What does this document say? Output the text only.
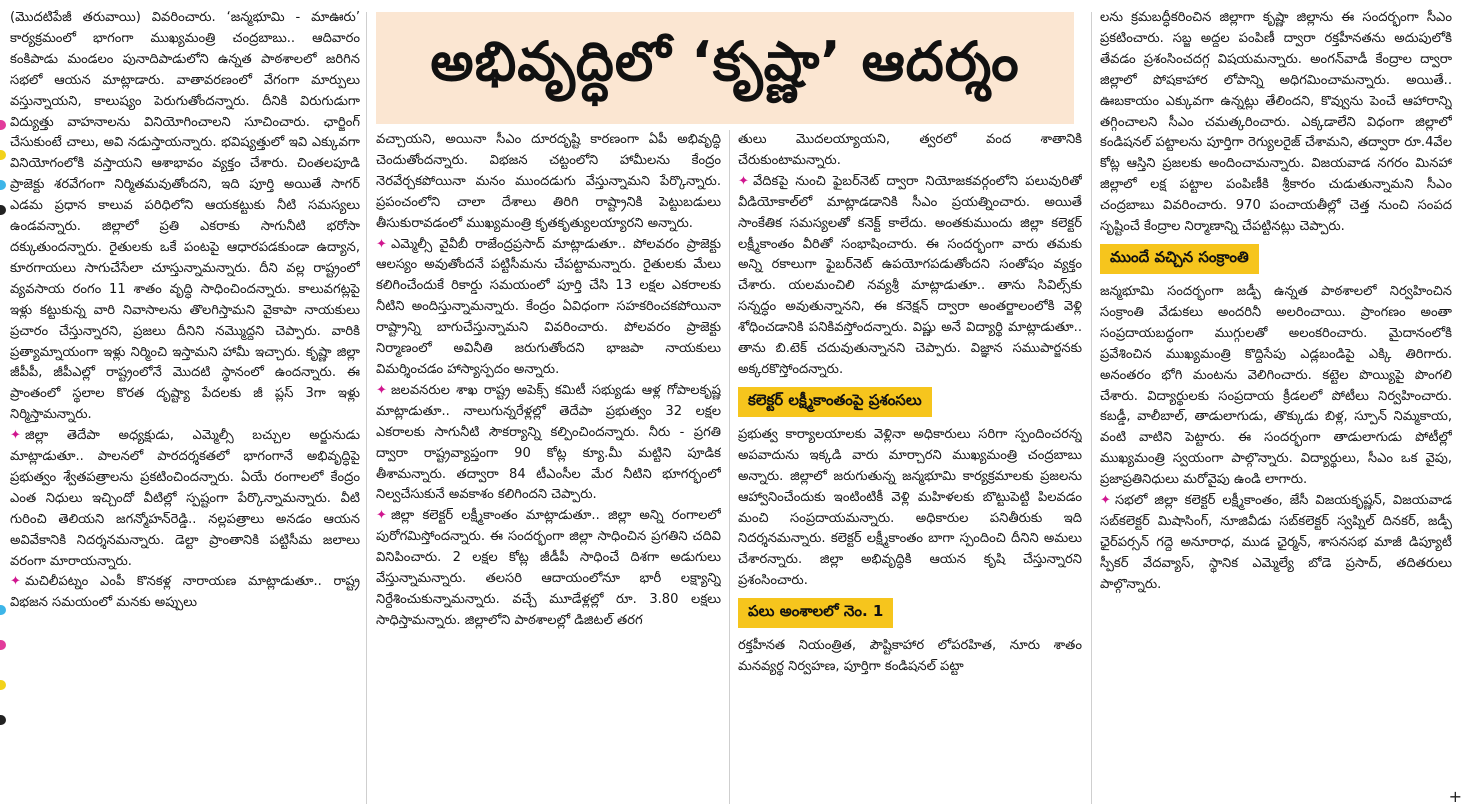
అభివృద్ధిలో ‘కృష్ణా’ ఆదర్శం

(మొదటిపేజీ తరువాయి) వివరించారు. ‘జన్మభూమి - మాఊరు’ కార్యక్రమంలో భాగంగా ముఖ్యమంత్రి చంద్రబాబు.. ఆదివారం కంకిపాడు మండలం పునాదిపాడులోని ఉన్నత పాఠశాలలో జరిగిన సభలో ఆయన మాట్లాడారు. వాతావరణంలో వేగంగా మార్పులు వస్తున్నాయని, కాలుష్యం పెరుగుతోందన్నారు. దీనికి విరుగుడుగా విద్యుత్తు వాహనాలను వినియోగించాలని సూచించారు. ఛార్జింగ్ చేసుకుంటే చాలు, అవి నడుస్తాయన్నారు. భవిష్యత్తులో ఇవి ఎక్కువగా వినియోగంలోకి వస్తాయని ఆశాభావం వ్యక్తం చేశారు. చింతలపూడి ప్రాజెక్టు శరవేగంగా నిర్మితమవుతోందని, ఇది పూర్తి అయితే సాగర్ ఎడమ ప్రధాన కాలువ పరిధిలోని ఆయకట్టుకు నీటి సమస్యలు ఉండవన్నారు. జిల్లాలో ప్రతి ఎకరాకు సాగునీటి భరోసా దక్కుతుందన్నారు. రైతులకు ఒకే పంటపై ఆధారపడకుండా ఉద్యాన, కూరగాయలు సాగుచేసేలా చూస్తున్నామన్నారు. దీని వల్ల రాష్ట్రంలో వ్యవసాయ రంగం 11 శాతం వృద్ధి సాధించిందన్నారు. కాలువగట్లపై ఇళ్లు కట్టుకున్న వారి నివాసాలను తొలగిస్తామని వైకాపా నాయకులు ప్రచారం చేస్తున్నారని, ప్రజలు దీనిని నమ్మొద్దని చెప్పారు. వారికి ప్రత్యామ్నాయంగా ఇళ్లు నిర్మించి ఇస్తామని హామీ ఇచ్చారు. కృష్ణా జిల్లా జీపీపీ, జీపీఎల్లో రాష్ట్రంలోనే మొదటి స్థానంలో ఉందన్నారు. ఈ ప్రాంతంలో స్థలాల కొరత దృష్ట్యా పేదలకు జీ ప్లస్ 3గా ఇళ్లు నిర్మిస్తామన్నారు.

✦ జిల్లా తెదేపా అధ్యక్షుడు, ఎమ్మెల్సీ బచ్చుల అర్జునుడు మాట్లాడుతూ.. పాలనలో పారదర్శకతలో భాగంగానే అభివృద్ధిపై ప్రభుత్వం శ్వేతపత్రాలను ప్రకటించిందన్నారు. ఏయే రంగాలలో కేంద్రం ఎంత నిధులు ఇచ్చిందో వీటిల్లో స్పష్టంగా పేర్కొన్నామన్నారు. వీటి గురించి తెలియని జగన్మోహన్‌రెడ్డి.. నల్లపత్రాలు అనడం ఆయన అవివేకానికి నిదర్శనమన్నారు. డెల్టా ప్రాంతానికి పట్టిసీమ జలాలు వరంగా మారాయన్నారు.

✦ మచిలీపట్నం ఎంపీ కొనకళ్ల నారాయణ మాట్లాడుతూ.. రాష్ట్ర విభజన సమయంలో మనకు అప్పులు

వచ్చాయని, అయినా సీఎం దూరదృష్టి కారణంగా ఏపీ అభివృద్ధి చెందుతోందన్నారు. విభజన చట్టంలోని హామీలను కేంద్రం నెరవేర్చకపోయినా మనం ముందడుగు వేస్తున్నామని పేర్కొన్నారు. ప్రపంచంలోని చాలా దేశాలు తిరిగి రాష్ట్రానికి పెట్టుబడులు తీసుకురావడంలో ముఖ్యమంత్రి కృతకృత్యులయ్యారని అన్నారు.

✦ ఎమ్మెల్సీ వైవీబీ రాజేంద్రప్రసాద్ మాట్లాడుతూ.. పోలవరం ప్రాజెక్టు ఆలస్యం అవుతోందనే పట్టిసీమను చేపట్టామన్నారు. రైతులకు మేలు కలిగించేందుకే రికార్డు సమయంలో పూర్తి చేసి 13 లక్షల ఎకరాలకు నీటిని అందిస్తున్నామన్నారు. కేంద్రం ఏవిధంగా సహకరించకపోయినా రాష్ట్రాన్ని బాగుచేస్తున్నామని వివరించారు. పోలవరం ప్రాజెక్టు నిర్మాణంలో అవినీతి జరుగుతోందని భాజపా నాయకులు విమర్శించడం హాస్యాస్పదం అన్నారు.

✦ జలవనరుల శాఖ రాష్ట్ర అపెక్స్ కమిటీ సభ్యుడు ఆళ్ల గోపాలకృష్ణ మాట్లాడుతూ.. నాలుగున్నరేళ్లల్లో తెదేపా ప్రభుత్వం 32 లక్షల ఎకరాలకు సాగునీటి సౌకర్యాన్ని కల్పించిందన్నారు. నీరు - ప్రగతి ద్వారా రాష్ట్రవ్యాప్తంగా 90 కోట్ల క్యూ.మీ మట్టిని పూడిక తీశామన్నారు. తద్వారా 84 టీఎంసీల మేర నీటిని భూగర్భంలో నిల్వచేసుకునే అవకాశం కలిగిందని చెప్పారు.

✦ జిల్లా కలెక్టర్ లక్ష్మీకాంతం మాట్లాడుతూ.. జిల్లా అన్ని రంగాలలో పురోగమిస్తోందన్నారు. ఈ సందర్భంగా జిల్లా సాధించిన ప్రగతిని చదివి వినిపించారు. 2 లక్షల కోట్ల జీడీపీ సాధించే దిశగా అడుగులు వేస్తున్నామన్నారు. తలసరి ఆదాయంలోనూ భారీ లక్ష్యాన్ని నిర్దేశించుకున్నామన్నారు. వచ్చే మూడేళ్లల్లో రూ. 3.80 లక్షలు సాధిస్తామన్నారు. జిల్లాలోని పాఠశాలల్లో డిజిటల్ తరగ

తులు మొదలయ్యాయని, త్వరలో వంద శాతానికి చేరుకుంటామన్నారు.

✦ వేదికపై నుంచి ఫైబర్‌నెట్ ద్వారా నియోజకవర్గంలోని పలువురితో వీడియోకాల్‌లో మాట్లాడడానికి సీఎం ప్రయత్నించారు. అయితే సాంకేతిక సమస్యలతో కనెక్ట్ కాలేదు. అంతకుముందు జిల్లా కలెక్టర్ లక్ష్మీకాంతం వీరితో సంభాషించారు. ఈ సందర్భంగా వారు తమకు అన్ని రకాలుగా ఫైబర్‌నెట్ ఉపయోగపడుతోందని సంతోషం వ్యక్తం చేశారు. యలమంచిలి నవ్యశ్రీ మాట్లాడుతూ.. తాను సివిల్స్‌కు సన్నద్ధం అవుతున్నానని, ఈ కనెక్షన్ ద్వారా అంతర్జాలంలోకి వెళ్లి శోధించడానికి పనికివస్తోందన్నారు. విష్ణు అనే విద్యార్థి మాట్లాడుతూ.. తాను బి.టెక్ చదువుతున్నానని చెప్పారు. విజ్ఞాన సముపార్జనకు అక్కరకొస్తోందన్నారు.

కలెక్టర్ లక్ష్మీకాంతంపై ప్రశంసలు

ప్రభుత్వ కార్యాలయాలకు వెళ్లినా అధికారులు సరిగా స్పందించరన్న అపవాదును ఇక్కడి వారు మార్చారని ముఖ్యమంత్రి చంద్రబాబు అన్నారు. జిల్లాలో జరుగుతున్న జన్మభూమి కార్యక్రమాలకు ప్రజలను ఆహ్వానించేందుకు ఇంటింటికీ వెళ్లి మహిళలకు బొట్టుపెట్టి పిలవడం మంచి సంప్రదాయమన్నారు. అధికారుల పనితీరుకు ఇది నిదర్శనమన్నారు. కలెక్టర్ లక్ష్మీకాంతం బాగా స్పందించి దీనిని అమలు చేశారన్నారు. జిల్లా అభివృద్ధికి ఆయన కృషి చేస్తున్నారని ప్రశంసించారు.

పలు అంశాలలో నెం. 1

రక్తహీనత నియంత్రిత, పౌష్టికాహార లోపరహిత, నూరు శాతం మనవ్యర్థ నిర్వహణ, పూర్తిగా కండిషనల్ పట్టా

లను క్రమబద్ధీకరించిన జిల్లాగా కృష్ణా జిల్లాను ఈ సందర్భంగా సీఎం ప్రకటించారు. సబ్జ అద్దల పంపిణీ ద్వారా రక్తహీనతను అదుపులోకి తేవడం ప్రశంసించదగ్గ విషయమన్నారు. అంగన్‌వాడీ కేంద్రాల ద్వారా జిల్లాలో పోషకాహార లోపాన్ని అధిగమించామన్నారు. అయితే.. ఊబకాయం ఎక్కువగా ఉన్నట్లు తేలిందని, కొవ్వును పెంచే ఆహారాన్ని తగ్గించాలని సీఎం చమత్కరించారు. ఎక్కడాలేని విధంగా జిల్లాలో కండిషనల్ పట్టాలను పూర్తిగా రెగ్యులరైజ్ చేశామని, తద్వారా రూ.4వేల కోట్ల ఆస్తిని ప్రజలకు అందించామన్నారు. విజయవాడ నగరం మినహా జిల్లాలో లక్ష పట్టాల పంపిణీకి శ్రీకారం చుడుతున్నామని సీఎం చంద్రబాబు వివరించారు. 970 పంచాయతీల్లో చెత్త నుంచి సంపద సృష్టించే కేంద్రాల నిర్మాణాన్ని చేపట్టినట్లు చెప్పారు.

ముందే వచ్చిన సంక్రాంతి

జన్మభూమి సందర్భంగా జడ్పీ ఉన్నత పాఠశాలలో నిర్వహించిన సంక్రాంతి వేడుకలు అందరినీ అలరించాయి. ప్రాంగణం అంతా సంప్రదాయబద్ధంగా ముగ్గులతో అలంకరించారు. మైదానంలోకి ప్రవేశించిన ముఖ్యమంత్రి కొద్దిసేపు ఎడ్లబండిపై ఎక్కి తిరిగారు. అనంతరం భోగి మంటను వెలిగించారు. కట్టెల పొయ్యిపై పొంగలి చేశారు. విద్యార్థులకు సంప్రదాయ క్రీడలలో పోటీలు నిర్వహించారు. కబడ్డీ, వాలీబాల్, తాడులాగుడు, తొక్కుడు బిళ్ల, స్పూన్ నిమ్మకాయ, వంటి వాటిని పెట్టారు. ఈ సందర్భంగా తాడులాగుడు పోటీల్లో ముఖ్యమంత్రి స్వయంగా పాల్గొన్నారు. విద్యార్థులు, సీఎం ఒక వైపు, ప్రజాప్రతినిధులు మరోవైపు ఉండి లాగారు.

✦ సభలో జిల్లా కలెక్టర్ లక్ష్మీకాంతం, జేసీ విజయకృష్ణన్, విజయవాడ సబ్‌కలెక్టర్ మిషాసింగ్, నూజివీడు సబ్‌కలెక్టర్ స్వప్నిల్ దినకర్, జడ్పీ ఛైర్‌పర్సన్ గద్దె అనూరాధ, ముడ ఛైర్మన్, శాసనసభ మాజీ డిప్యూటీ స్పీకర్ వేదవ్యాస్, స్థానిక ఎమ్మెల్యే బోడె ప్రసాద్, తదితరులు పాల్గొన్నారు.

+
